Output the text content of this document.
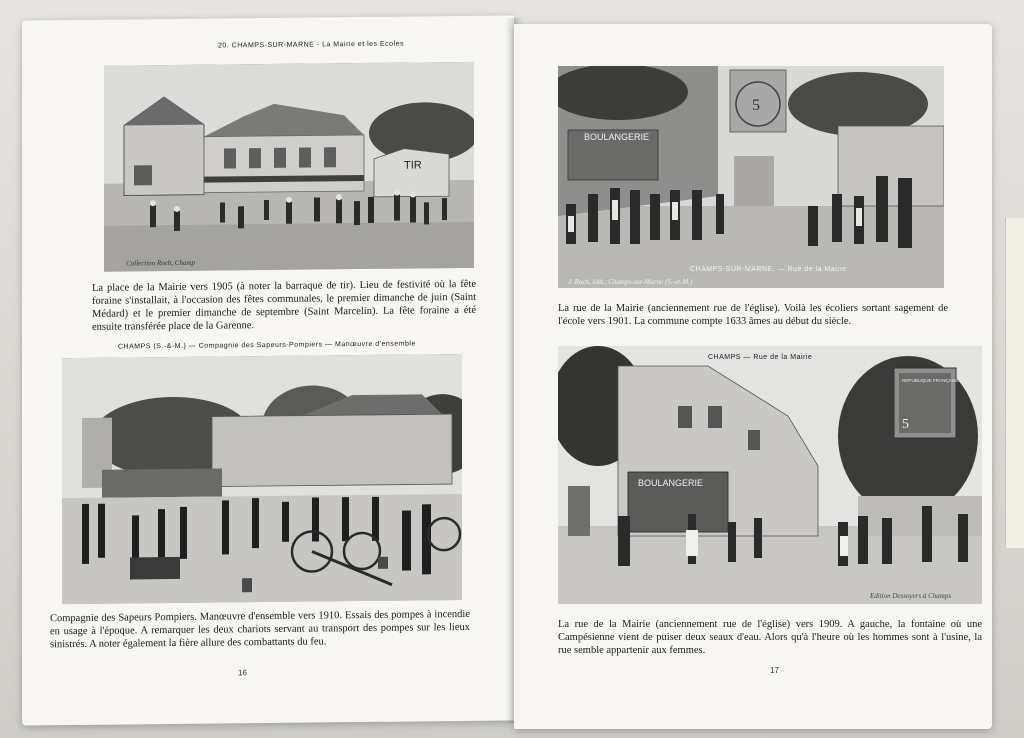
20. CHAMPS-SUR-MARNE - La Mairie et les Ecoles
TIR
Collection Roch, Champ
La place de la Mairie vers 1905 (à noter la barraque de tir). Lieu de festivité où la fête foraine s'installait, à l'occasion des fêtes communales, le premier dimanche de juin (Saint Médard) et le premier dimanche de septembre (Saint Marcelin). La fête foraine a été ensuite transférée place de la Garenne.
CHAMPS (S.-&-M.) — Compagnie des Sapeurs-Pompiers — Manœuvre d'ensemble
Compagnie des Sapeurs Pompiers. Manœuvre d'ensemble vers 1910. Essais des pompes à incendie en usage à l'époque. A remarquer les deux chariots servant au transport des pompes sur les lieux sinistrés. A noter également la fière allure des combattants du feu.
16
BOULANGERIE
5
CHAMPS-SUR-MARNE. — Rue de la Mairie
J. Roch, édit., Champs-sur-Marne (S.-et-M.)
La rue de la Mairie (anciennement rue de l'église). Voilà les écoliers sortant sagement de l'école vers 1901. La commune compte 1633 âmes au début du siècle.
BOULANGERIE
REPUBLIQUE FRANÇAISE
5
CHAMPS — Rue de la Mairie
Edition Dessoyers à Champs
La rue de la Mairie (anciennement rue de l'église) vers 1909. A gauche, la fontaine où une Campésienne vient de puiser deux seaux d'eau. Alors qu'à l'heure où les hommes sont à l'usine, la rue semble appartenir aux femmes.
17
